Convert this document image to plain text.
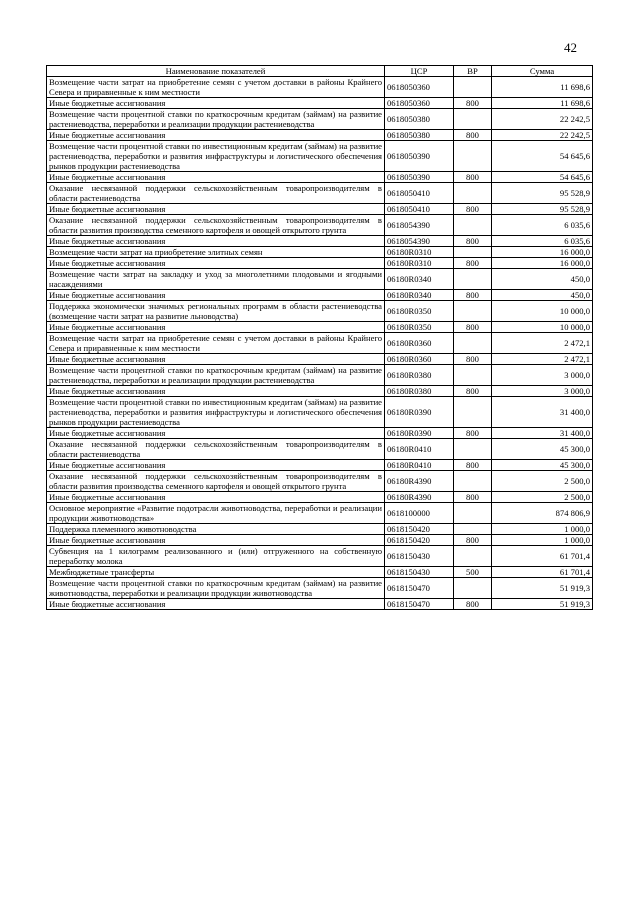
42
Наименование показателей	ЦСР	ВР	Сумма
Возмещение части затрат на приобретение семян с учетом доставки в районы Крайнего Севера и приравненные к ним местности	0618050360		11 698,6
Иные бюджетные ассигнования	0618050360	800	11 698,6
Возмещение части процентной ставки по краткосрочным кредитам (займам) на развитие растениеводства, переработки и реализации продукции растениеводства	0618050380		22 242,5
Иные бюджетные ассигнования	0618050380	800	22 242,5
Возмещение части процентной ставки по инвестиционным кредитам (займам) на развитие растениеводства, переработки и развития инфраструктуры и логистического обеспечения рынков продукции растениеводства	0618050390		54 645,6
Иные бюджетные ассигнования	0618050390	800	54 645,6
Оказание несвязанной поддержки сельскохозяйственным товаропроизводителям в области растениеводства	0618050410		95 528,9
Иные бюджетные ассигнования	0618050410	800	95 528,9
Оказание несвязанной поддержки сельскохозяйственным товаропроизводителям в области развития производства семенного картофеля и овощей открытого грунта	0618054390		6 035,6
Иные бюджетные ассигнования	0618054390	800	6 035,6
Возмещение части затрат на приобретение элитных семян	06180R0310		16 000,0
Иные бюджетные ассигнования	06180R0310	800	16 000,0
Возмещение части затрат на закладку и уход за многолетними плодовыми и ягодными насаждениями	06180R0340		450,0
Иные бюджетные ассигнования	06180R0340	800	450,0
Поддержка экономически значимых региональных программ в области растениеводства (возмещение части затрат на развитие льноводства)	06180R0350		10 000,0
Иные бюджетные ассигнования	06180R0350	800	10 000,0
Возмещение части затрат на приобретение семян с учетом доставки в районы Крайнего Севера и приравненные к ним местности	06180R0360		2 472,1
Иные бюджетные ассигнования	06180R0360	800	2 472,1
Возмещение части процентной ставки по краткосрочным кредитам (займам) на развитие растениеводства, переработки и реализации продукции растениеводства	06180R0380		3 000,0
Иные бюджетные ассигнования	06180R0380	800	3 000,0
Возмещение части процентной ставки по инвестиционным кредитам (займам) на развитие растениеводства, переработки и развития инфраструктуры и логистического обеспечения рынков продукции растениеводства	06180R0390		31 400,0
Иные бюджетные ассигнования	06180R0390	800	31 400,0
Оказание несвязанной поддержки сельскохозяйственным товаропроизводителям в области растениеводства	06180R0410		45 300,0
Иные бюджетные ассигнования	06180R0410	800	45 300,0
Оказание несвязанной поддержки сельскохозяйственным товаропроизводителям в области развития производства семенного картофеля и овощей открытого грунта	06180R4390		2 500,0
Иные бюджетные ассигнования	06180R4390	800	2 500,0
Основное мероприятие «Развитие подотрасли животноводства, переработки и реализации продукции животноводства»	0618100000		874 806,9
Поддержка племенного животноводства	0618150420		1 000,0
Иные бюджетные ассигнования	0618150420	800	1 000,0
Субвенция на 1 килограмм реализованного и (или) отгруженного на собственную переработку молока	0618150430		61 701,4
Межбюджетные трансферты	0618150430	500	61 701,4
Возмещение части процентной ставки по краткосрочным кредитам (займам) на развитие животноводства, переработки и реализации продукции животноводства	0618150470		51 919,3
Иные бюджетные ассигнования	0618150470	800	51 919,3
